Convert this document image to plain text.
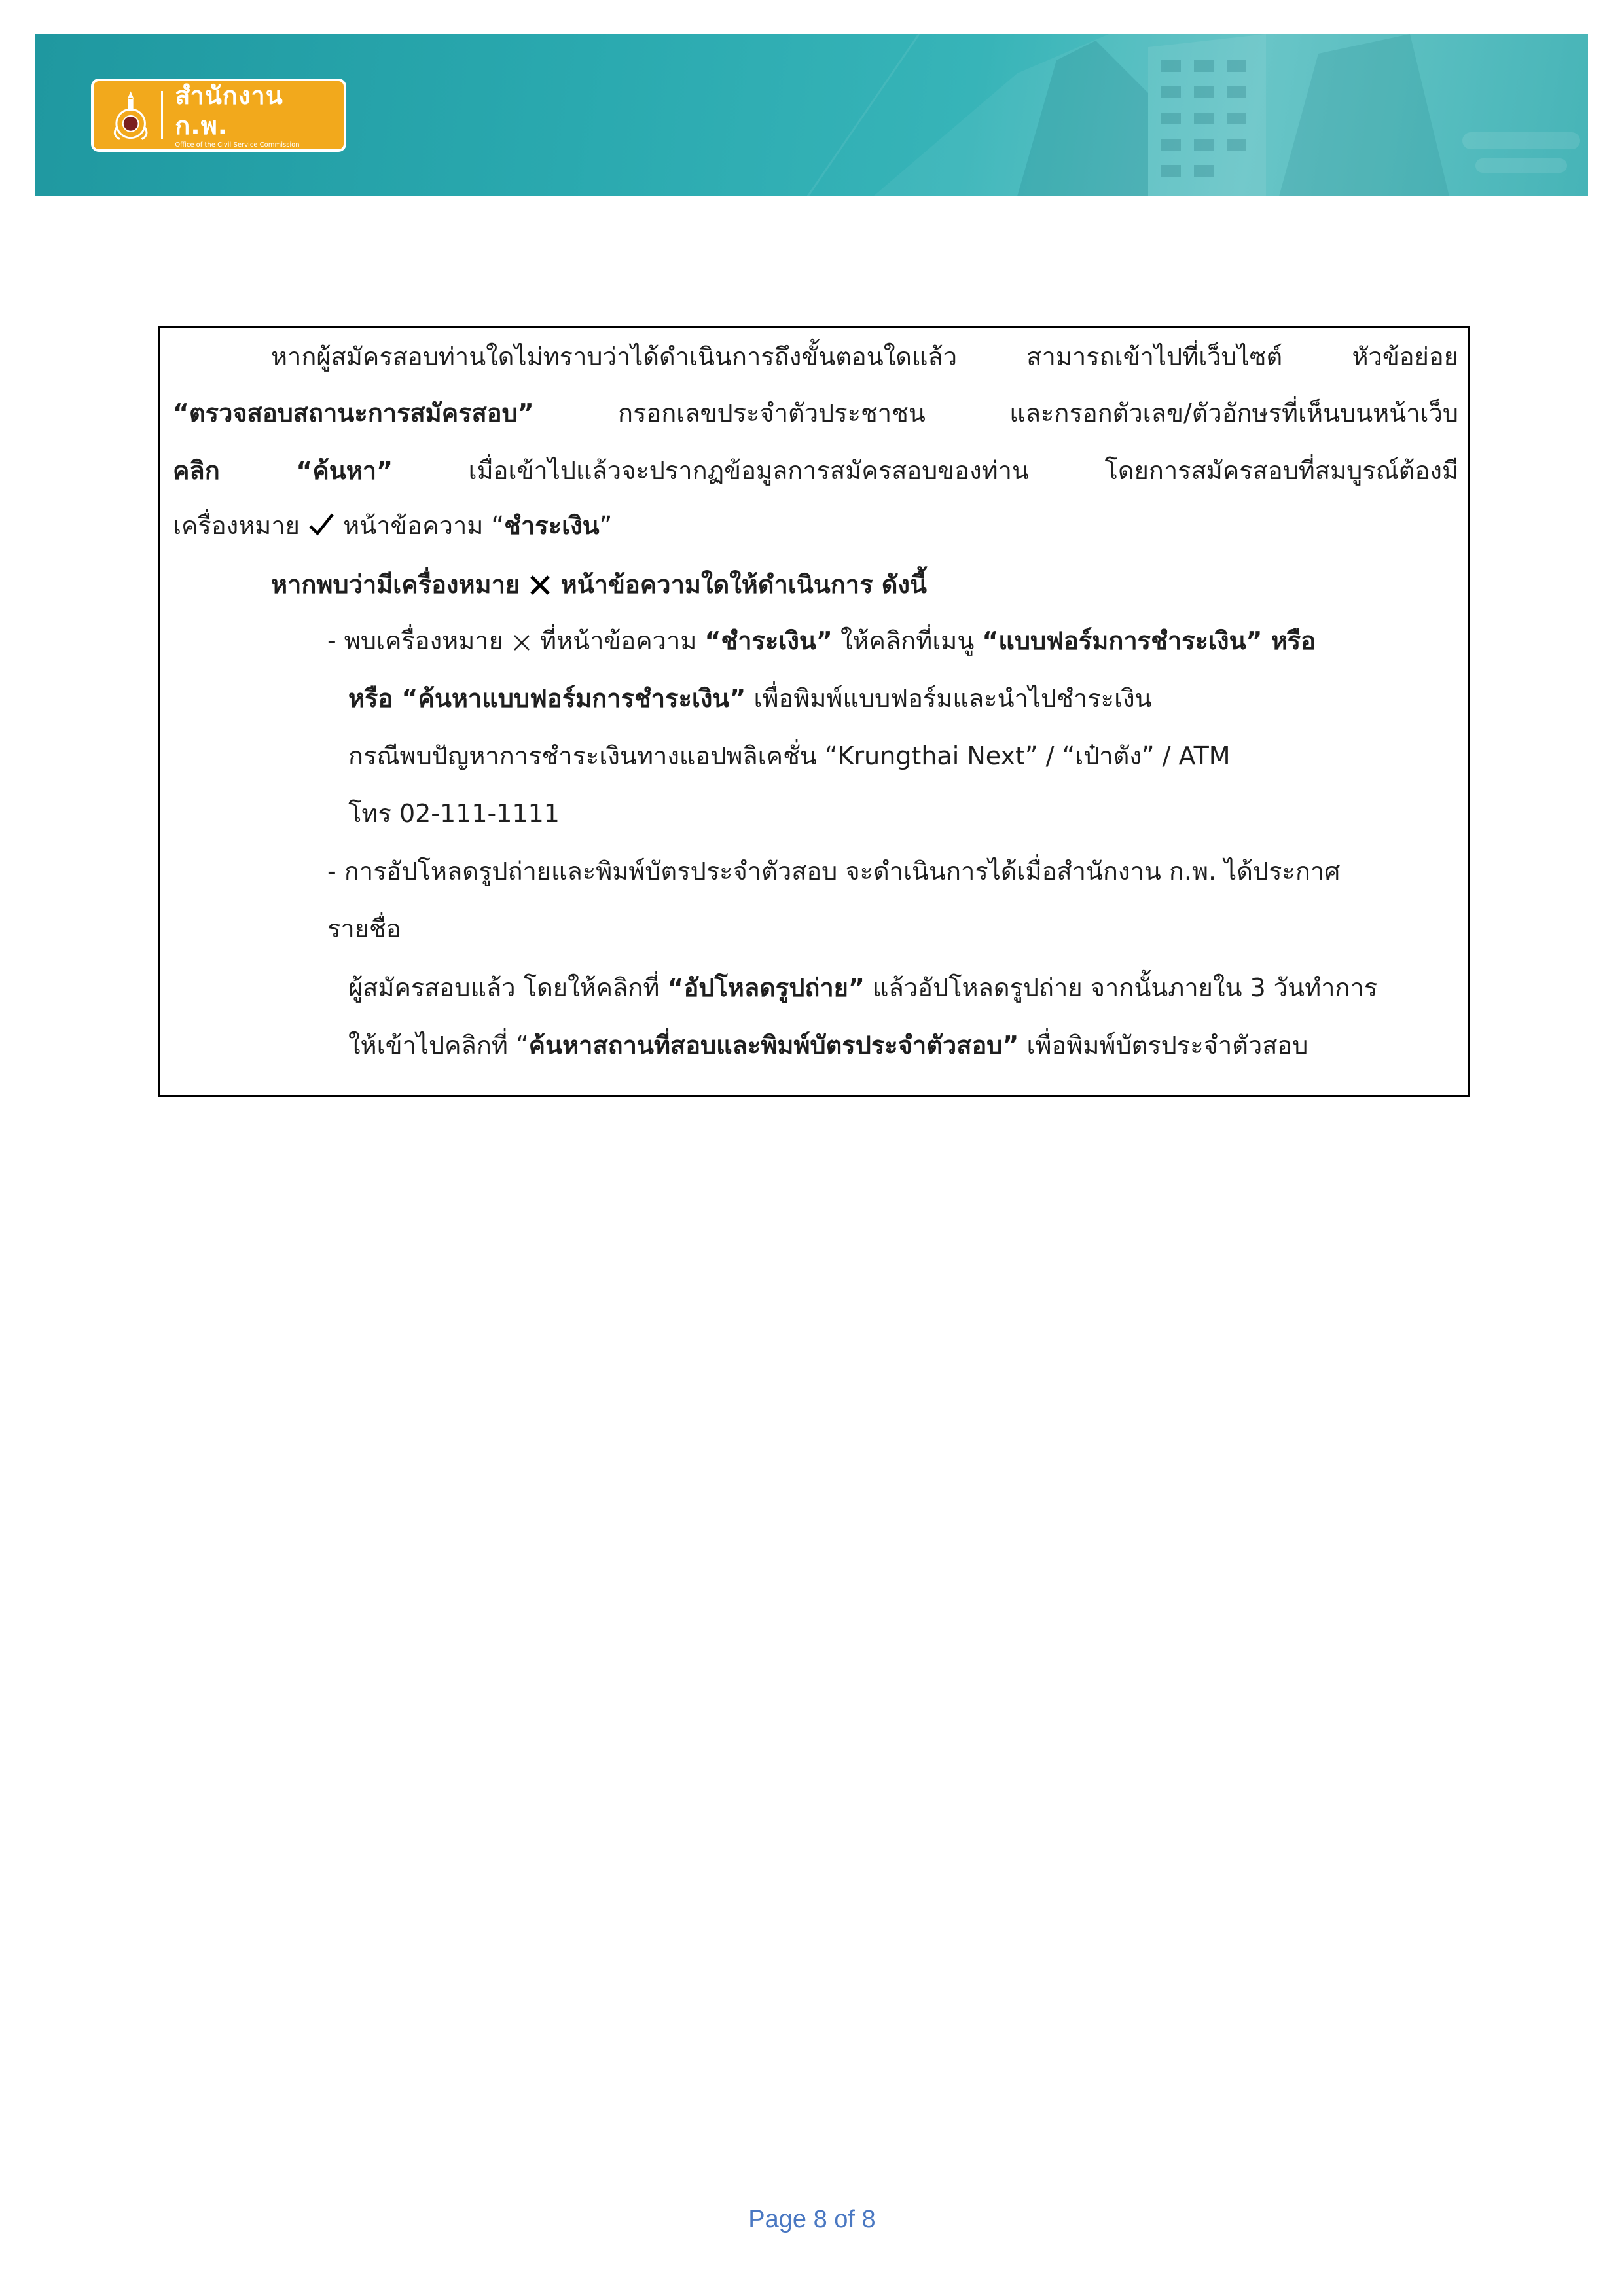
สำนักงาน ก.พ.
Office of the Civil Service Commission
หากผู้สมัครสอบท่านใดไม่ทราบว่าได้ดำเนินการถึงขั้นตอนใดแล้ว สามารถเข้าไปที่เว็บไซต์ หัวข้อย่อย
“ตรวจสอบสถานะการสมัครสอบ” กรอกเลขประจำตัวประชาชน และกรอกตัวเลข/ตัวอักษรที่เห็นบนหน้าเว็บ
คลิก “ค้นหา” เมื่อเข้าไปแล้วจะปรากฏข้อมูลการสมัครสอบของท่าน โดยการสมัครสอบที่สมบูรณ์ต้องมี
เครื่องหมาย  หน้าข้อความ “ชำระเงิน”
หากพบว่ามีเครื่องหมาย  หน้าข้อความใดให้ดำเนินการ ดังนี้
- พบเครื่องหมาย  ที่หน้าข้อความ “ชำระเงิน” ให้คลิกที่เมนู “แบบฟอร์มการชำระเงิน” หรือ
หรือ “ค้นหาแบบฟอร์มการชำระเงิน” เพื่อพิมพ์แบบฟอร์มและนำไปชำระเงิน
กรณีพบปัญหาการชำระเงินทางแอปพลิเคชั่น “Krungthai Next” / “เป๋าตัง” / ATM
โทร 02-111-1111
- การอัปโหลดรูปถ่ายและพิมพ์บัตรประจำตัวสอบ จะดำเนินการได้เมื่อสำนักงาน ก.พ. ได้ประกาศ
รายชื่อ
ผู้สมัครสอบแล้ว โดยให้คลิกที่ “อัปโหลดรูปถ่าย” แล้วอัปโหลดรูปถ่าย จากนั้นภายใน 3 วันทำการ
ให้เข้าไปคลิกที่ “ค้นหาสถานที่สอบและพิมพ์บัตรประจำตัวสอบ” เพื่อพิมพ์บัตรประจำตัวสอบ
Page 8 of 8
